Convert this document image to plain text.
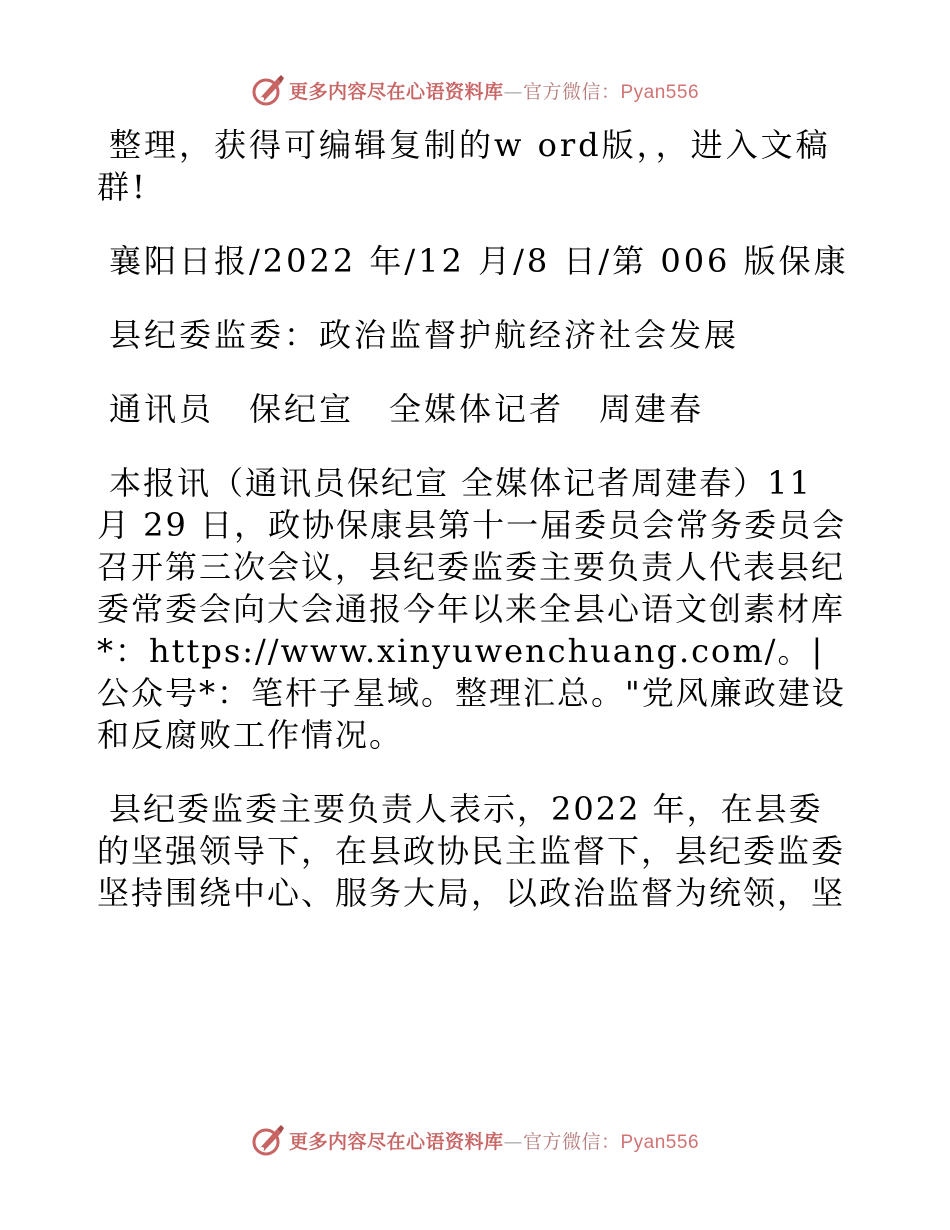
更多内容尽在心语资料库—官方微信：Pyan556

整理，获得可编辑复制的w ord版，，进入文稿群!

襄阳日报/2022 年/12 月/8 日/第 006 版保康

县纪委监委：政治监督护航经济社会发展

通讯员　保纪宣　全媒体记者　周建春

本报讯（通讯员保纪宣 全媒体记者周建春）11 月 29 日，政协保康县第十一届委员会常务委员会召开第三次会议，县纪委监委主要负责人代表县纪委常委会向大会通报今年以来全县心语文创素材库*：https://www.xinyuwenchuang.com/。|公众号*：笔杆子星域。整理汇总。"党风廉政建设和反腐败工作情况。

县纪委监委主要负责人表示，2022 年，在县委的坚强领导下，在县政协民主监督下，县纪委监委坚持围绕中心、服务大局，以政治监督为统领，坚

更多内容尽在心语资料库—官方微信：Pyan556
